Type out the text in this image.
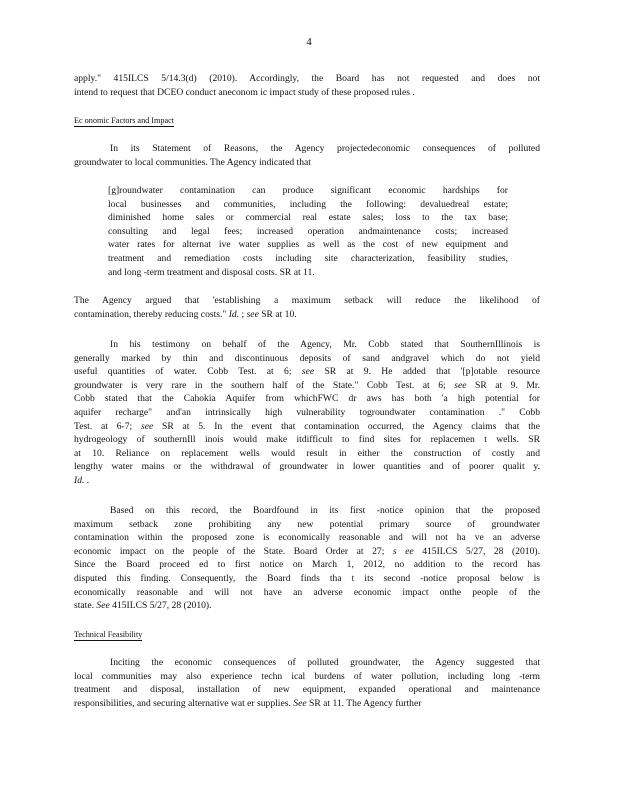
4

apply." 415ILCS 5/14.3(d) (2010). Accordingly, the Board has not requested and does not

intend to request that DCEO conduct aneconom ic impact study of these proposed rules .

Ec onomic Factors and Impact

In its Statement of Reasons, the Agency projectedeconomic consequences of polluted

groundwater to local communities. The Agency indicated that

[g]roundwater contamination can produce significant economic hardships for

local businesses and communities, including the following: devaluedreal estate;

diminished home sales or commercial real estate sales; loss to the tax base;

consulting and legal fees; increased operation andmaintenance costs; increased

water rates for alternat ive water supplies as well as the cost of new equipment and

treatment and remediation costs including site characterization, feasibility studies,

and long -term treatment and disposal costs. SR at 11.

The Agency argued that 'establishing a maximum setback will reduce the likelihood of

contamination, thereby reducing costs." Id. ; see SR at 10.

In his testimony on behalf of the Agency, Mr. Cobb stated that SouthernIllinois is

generally marked by thin and discontinuous deposits of sand andgravel which do not yield

useful quantities of water. Cobb Test. at 6; see SR at 9. He added that '[p]otable resource

groundwater is very rare in the southern half of the State." Cobb Test. at 6; see SR at 9. Mr.

Cobb stated that the Cahokia Aquifer from whichFWC dr aws has both 'a high potential for

aquifer recharge" and'an intrinsically high vulnerability togroundwater contamination ." Cobb

Test. at 6-7; see SR at 5. In the event that contamination occurred, the Agency claims that the

hydrogeology of southernIll inois would make itdifficult to find sites for replacemen t wells. SR

at 10. Reliance on replacement wells would result in either the construction of costly and

lengthy water mains or the withdrawal of groundwater in lower quantities and of poorer qualit y.

Id. .

Based on this record, the Boardfound in its first -notice opinion that the proposed

maximum setback zone prohibiting any new potential primary source of groundwater

contamination within the proposed zone is economically reasonable and will not ha ve an adverse

economic impact on the people of the State. Board Order at 27; s ee 415ILCS 5/27, 28 (2010).

Since the Board proceed ed to first notice on March 1, 2012, no addition to the record has

disputed this finding. Consequently, the Board finds tha t its second -notice proposal below is

economically reasonable and will not have an adverse economic impact onthe people of the

state. See 415ILCS 5/27, 28 (2010).

Technical Feasibility

Inciting the economic consequences of polluted groundwater, the Agency suggested that

local communities may also experience techn ical burdens of water pollution, including long -term

treatment and disposal, installation of new equipment, expanded operational and maintenance

responsibilities, and securing alternative wat er supplies. See SR at 11. The Agency further
